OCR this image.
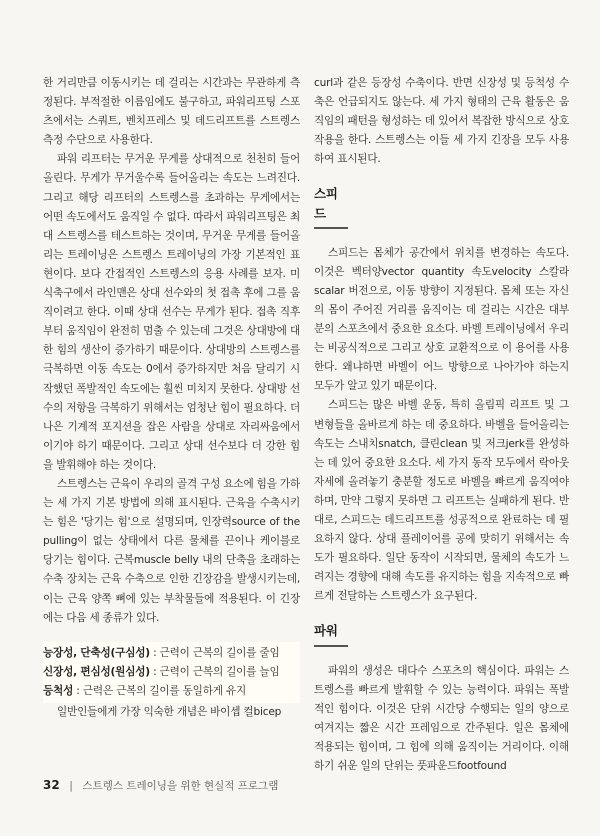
한 거리만큼 이동시키는 데 걸리는 시간과는 무관하게 측정된다. 부적절한 이름임에도 불구하고, 파워리프팅 스포츠에서는 스쿼트, 벤치프레스 및 데드리프트를 스트렝스 측정 수단으로 사용한다.

파워 리프터는 무거운 무게를 상대적으로 천천히 들어올린다. 무게가 무거울수록 들어올리는 속도는 느려진다. 그리고 해당 리프터의 스트렝스를 초과하는 무게에서는 어떤 속도에서도 움직일 수 없다. 따라서 파워리프팅은 최대 스트렝스를 테스트하는 것이며, 무거운 무게를 들어올리는 트레이닝은 스트렝스 트레이닝의 가장 기본적인 표현이다. 보다 간접적인 스트렝스의 응용 사례를 보자. 미식축구에서 라인맨은 상대 선수와의 첫 접촉 후에 그를 움직이려고 한다. 이때 상대 선수는 무게가 된다. 접촉 직후부터 움직임이 완전히 멈출 수 있는데 그것은 상대방에 대한 힘의 생산이 증가하기 때문이다. 상대방의 스트렝스를 극복하면 이동 속도는 0에서 증가하지만 처음 달리기 시작했던 폭발적인 속도에는 훨씬 미치지 못한다. 상대방 선수의 저항을 극복하기 위해서는 엄청난 힘이 필요하다. 더 나은 기계적 포지션을 잡은 사람을 상대로 자리싸움에서 이기야 하기 때문이다. 그리고 상대 선수보다 더 강한 힘을 발휘해야 하는 것이다.

스트렝스는 근육이 우리의 골격 구성 요소에 힘을 가하는 세 가지 기본 방법에 의해 표시된다. 근육을 수축시키는 힘은 '당기는 힘'으로 설명되며, 인장력source of the pulling이 없는 상태에서 다른 물체를 끈이나 케이블로 당기는 힘이다. 근복muscle belly 내의 단축을 초래하는 수축 장치는 근육 수축으로 인한 긴장감을 발생시키는데, 이는 근육 양쪽 뼈에 있는 부착물들에 적용된다. 이 긴장에는 다음 세 종류가 있다.

능장성, 단축성(구심성) : 근력이 근복의 길이를 줄임

신장성, 편심성(원심성) : 근력이 근복의 길이를 늘임

등척성 : 근력은 근복의 길이를 동일하게 유지

일반인들에게 가장 익숙한 개념은 바이셉 컬bicep

curl과 같은 등장성 수축이다. 반면 신장성 및 등척성 수축은 언급되지도 않는다. 세 가지 형태의 근육 활동은 움직임의 패턴을 형성하는 데 있어서 복잡한 방식으로 상호작용을 한다. 스트렝스는 이들 세 가지 긴장을 모두 사용하여 표시된다.

스피드

스피드는 몸체가 공간에서 위치를 변경하는 속도다. 이것은 벡터양vector quantity 속도velocity 스칼라scalar 버전으로, 이동 방향이 지정된다. 몸체 또는 자신의 몸이 주어진 거리를 움직이는 데 걸리는 시간은 대부분의 스포츠에서 중요한 요소다. 바벨 트레이닝에서 우리는 비공식적으로 그리고 상호 교환적으로 이 용어를 사용한다. 왜냐하면 바벨이 어느 방향으로 나아가야 하는지 모두가 알고 있기 때문이다.

스피드는 많은 바벨 운동, 특히 올림픽 리프트 및 그 변형들을 올바르게 하는 데 중요하다. 바벨을 들어올리는 속도는 스내치snatch, 클린clean 및 저크jerk를 완성하는 데 있어 중요한 요소다. 세 가지 동작 모두에서 락아웃 자세에 올려놓기 충분할 정도로 바벨을 빠르게 움직여야 하며, 만약 그렇지 못하면 그 리프트는 실패하게 된다. 반대로, 스피드는 데드리프트를 성공적으로 완료하는 데 필요하지 않다. 상대 플레이어를 공에 맞히기 위해서는 속도가 필요하다. 일단 동작이 시작되면, 물체의 속도가 느려지는 경향에 대해 속도를 유지하는 힘을 지속적으로 빠르게 전달하는 스트렝스가 요구된다.

파워

파워의 생성은 대다수 스포츠의 핵심이다. 파워는 스트렝스를 빠르게 발휘할 수 있는 능력이다. 파워는 폭발적인 힘이다. 이것은 단위 시간당 수행되는 일의 양으로 여겨지는 짧은 시간 프레임으로 간주된다. 일은 몸체에 적용되는 힘이며, 그 힘에 의해 움직이는 거리이다. 이해하기 쉬운 일의 단위는 풋파운드footfound

32 | 스트렝스 트레이닝을 위한 현실적 프로그램
